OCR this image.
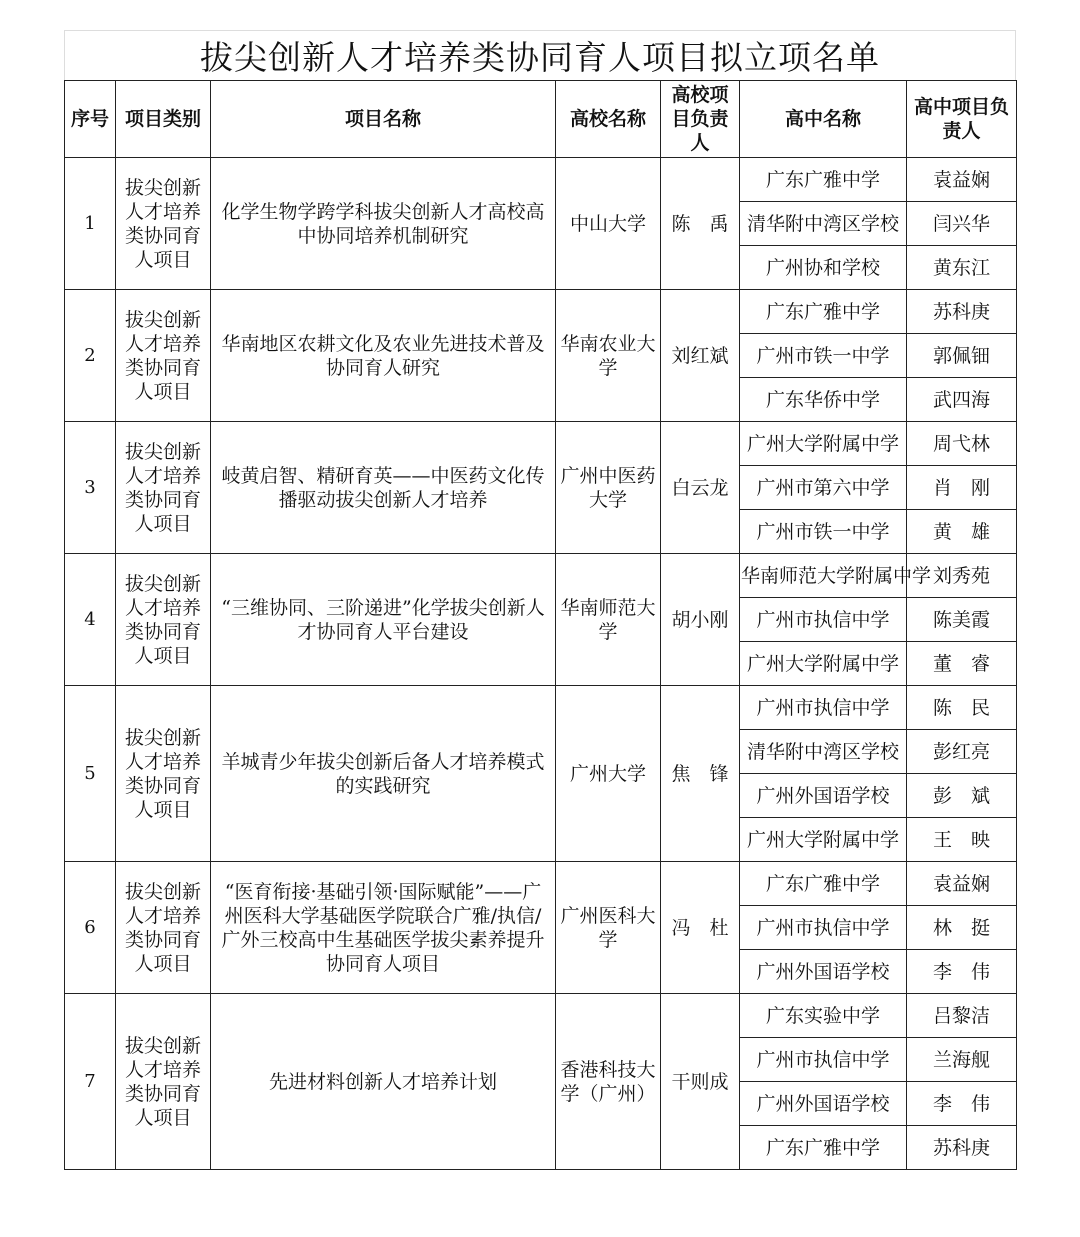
拔尖创新人才培养类协同育人项目拟立项名单
序号	项目类别	项目名称	高校名称	高校项目负责人	高中名称	高中项目负责人
1	拔尖创新人才培养类协同育人项目	化学生物学跨学科拔尖创新人才高校高中协同培养机制研究	中山大学	陈　禹	广东广雅中学	袁益娴
					清华附中湾区学校	闫兴华
					广州协和学校	黄东江
2	拔尖创新人才培养类协同育人项目	华南地区农耕文化及农业先进技术普及协同育人研究	华南农业大学	刘红斌	广东广雅中学	苏科庚
					广州市铁一中学	郭佩钿
					广东华侨中学	武四海
3	拔尖创新人才培养类协同育人项目	岐黄启智、精研育英——中医药文化传播驱动拔尖创新人才培养	广州中医药大学	白云龙	广州大学附属中学	周弋林
					广州市第六中学	肖　刚
					广州市铁一中学	黄　雄
4	拔尖创新人才培养类协同育人项目	“三维协同、三阶递进”化学拔尖创新人才协同育人平台建设	华南师范大学	胡小刚	华南师范大学附属中学	刘秀苑
					广州市执信中学	陈美霞
					广州大学附属中学	董　睿
5	拔尖创新人才培养类协同育人项目	羊城青少年拔尖创新后备人才培养模式的实践研究	广州大学	焦　锋	广州市执信中学	陈　民
					清华附中湾区学校	彭红亮
					广州外国语学校	彭　斌
					广州大学附属中学	王　映
6	拔尖创新人才培养类协同育人项目	“医育衔接·基础引领·国际赋能”——广州医科大学基础医学院联合广雅/执信/广外三校高中生基础医学拔尖素养提升协同育人项目	广州医科大学	冯　杜	广东广雅中学	袁益娴
					广州市执信中学	林　挺
					广州外国语学校	李　伟
7	拔尖创新人才培养类协同育人项目	先进材料创新人才培养计划	香港科技大学（广州）	干则成	广东实验中学	吕黎洁
					广州市执信中学	兰海舰
					广州外国语学校	李　伟
					广东广雅中学	苏科庚
